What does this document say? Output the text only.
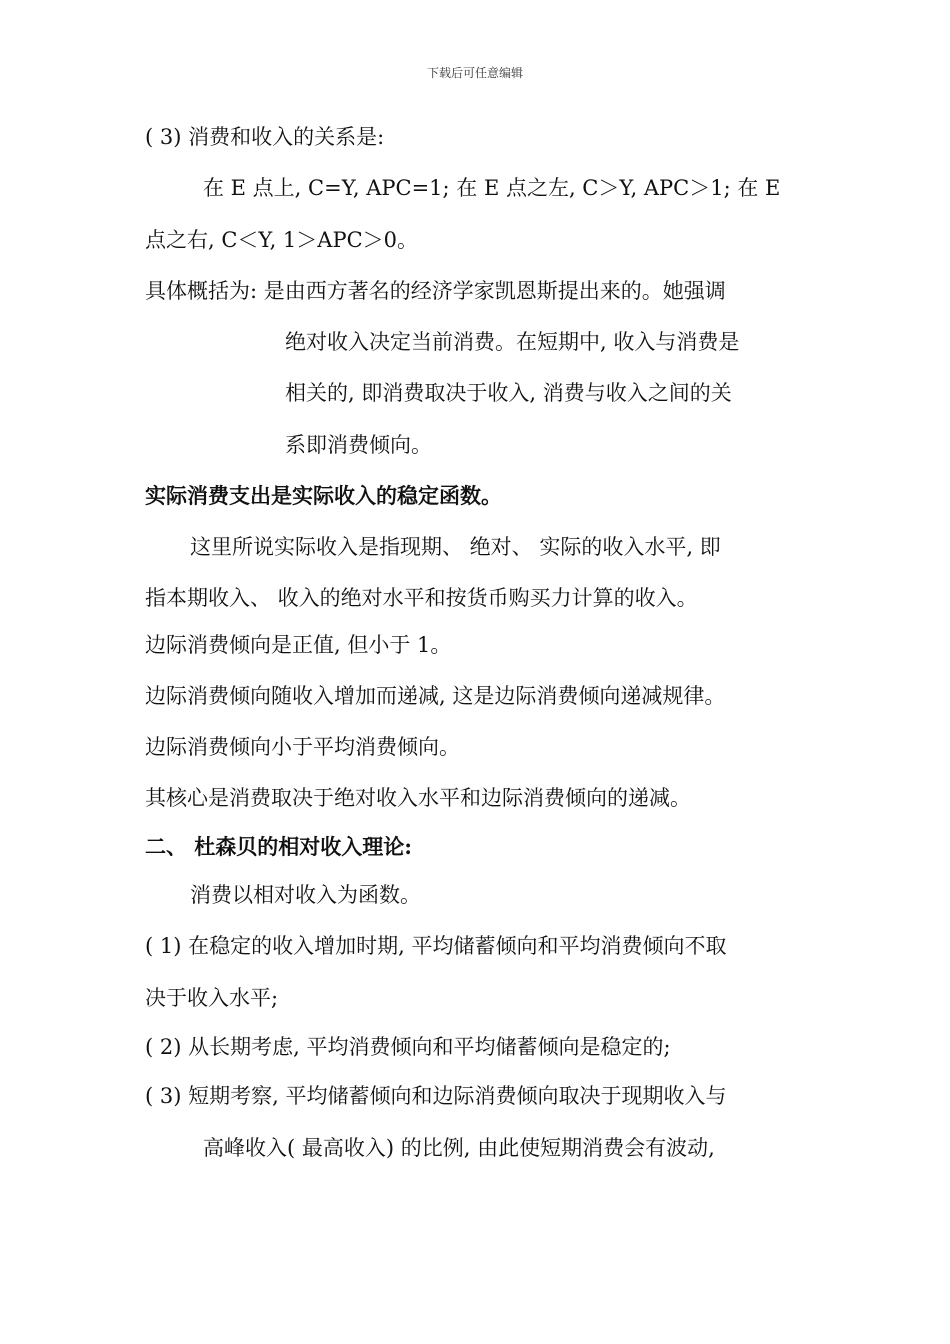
下载后可任意编辑
( 3) 消费和收入的关系是:
在 E 点上, C=Y, APC=1; 在 E 点之左, C＞Y, APC＞1; 在 E
点之右, C＜Y, 1＞APC＞0。
具体概括为: 是由西方著名的经济学家凯恩斯提出来的。她强调
绝对收入决定当前消费。在短期中, 收入与消费是
相关的, 即消费取决于收入, 消费与收入之间的关
系即消费倾向。
实际消费支出是实际收入的稳定函数。
这里所说实际收入是指现期、 绝对、 实际的收入水平, 即
指本期收入、 收入的绝对水平和按货币购买力计算的收入。
边际消费倾向是正值, 但小于 1。
边际消费倾向随收入增加而递减, 这是边际消费倾向递减规律。
边际消费倾向小于平均消费倾向。
其核心是消费取决于绝对收入水平和边际消费倾向的递减。
二、 杜森贝的相对收入理论:
消费以相对收入为函数。
( 1) 在稳定的收入增加时期, 平均储蓄倾向和平均消费倾向不取
决于收入水平;
( 2) 从长期考虑, 平均消费倾向和平均储蓄倾向是稳定的;
( 3) 短期考察, 平均储蓄倾向和边际消费倾向取决于现期收入与
高峰收入( 最高收入) 的比例, 由此使短期消费会有波动,
